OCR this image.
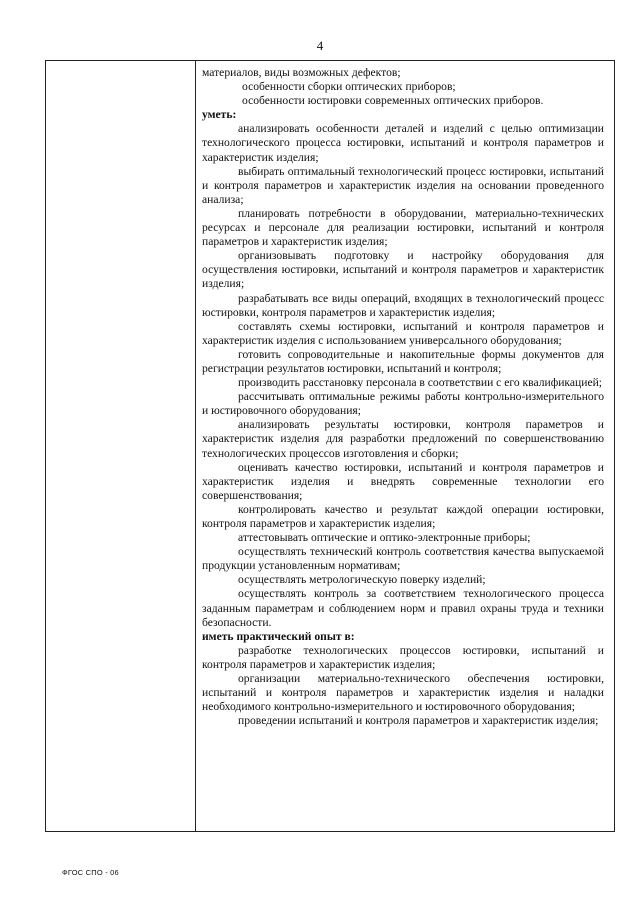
4

материалов, виды возможных дефектов;

особенности сборки оптических приборов;

особенности юстировки современных оптических приборов.

уметь:

анализировать особенности деталей и изделий с целью оптимизации технологического процесса юстировки, испытаний и контроля параметров и характеристик изделия;

выбирать оптимальный технологический процесс юстировки, испытаний и контроля параметров и характеристик изделия на основании проведенного анализа;

планировать потребности в оборудовании, материально-технических ресурсах и персонале для реализации юстировки, испытаний и контроля параметров и характеристик изделия;

организовывать подготовку и настройку оборудования для осуществления юстировки, испытаний и контроля параметров и характеристик изделия;

разрабатывать все виды операций, входящих в технологический процесс юстировки, контроля параметров и характеристик изделия;

составлять схемы юстировки, испытаний и контроля параметров и характеристик изделия с использованием универсального оборудования;

готовить сопроводительные и накопительные формы документов для регистрации результатов юстировки, испытаний и контроля;

производить расстановку персонала в соответствии с его квалификацией;

рассчитывать оптимальные режимы работы контрольно-измерительного и юстировочного оборудования;

анализировать результаты юстировки, контроля параметров и характеристик изделия для разработки предложений по совершенствованию технологических процессов изготовления и сборки;

оценивать качество юстировки, испытаний и контроля параметров и характеристик изделия и внедрять современные технологии его совершенствования;

контролировать качество и результат каждой операции юстировки, контроля параметров и характеристик изделия;

аттестовывать оптические и оптико-электронные приборы;

осуществлять технический контроль соответствия качества выпускаемой продукции установленным нормативам;

осуществлять метрологическую поверку изделий;

осуществлять контроль за соответствием технологического процесса заданным параметрам и соблюдением норм и правил охраны труда и техники безопасности.

иметь практический опыт в:

разработке технологических процессов юстировки, испытаний и контроля параметров и характеристик изделия;

организации материально-технического обеспечения юстировки, испытаний и контроля параметров и характеристик изделия и наладки необходимого контрольно-измерительного и юстировочного оборудования;

проведении испытаний и контроля параметров и характеристик изделия;

ФГОС СПО - 06
